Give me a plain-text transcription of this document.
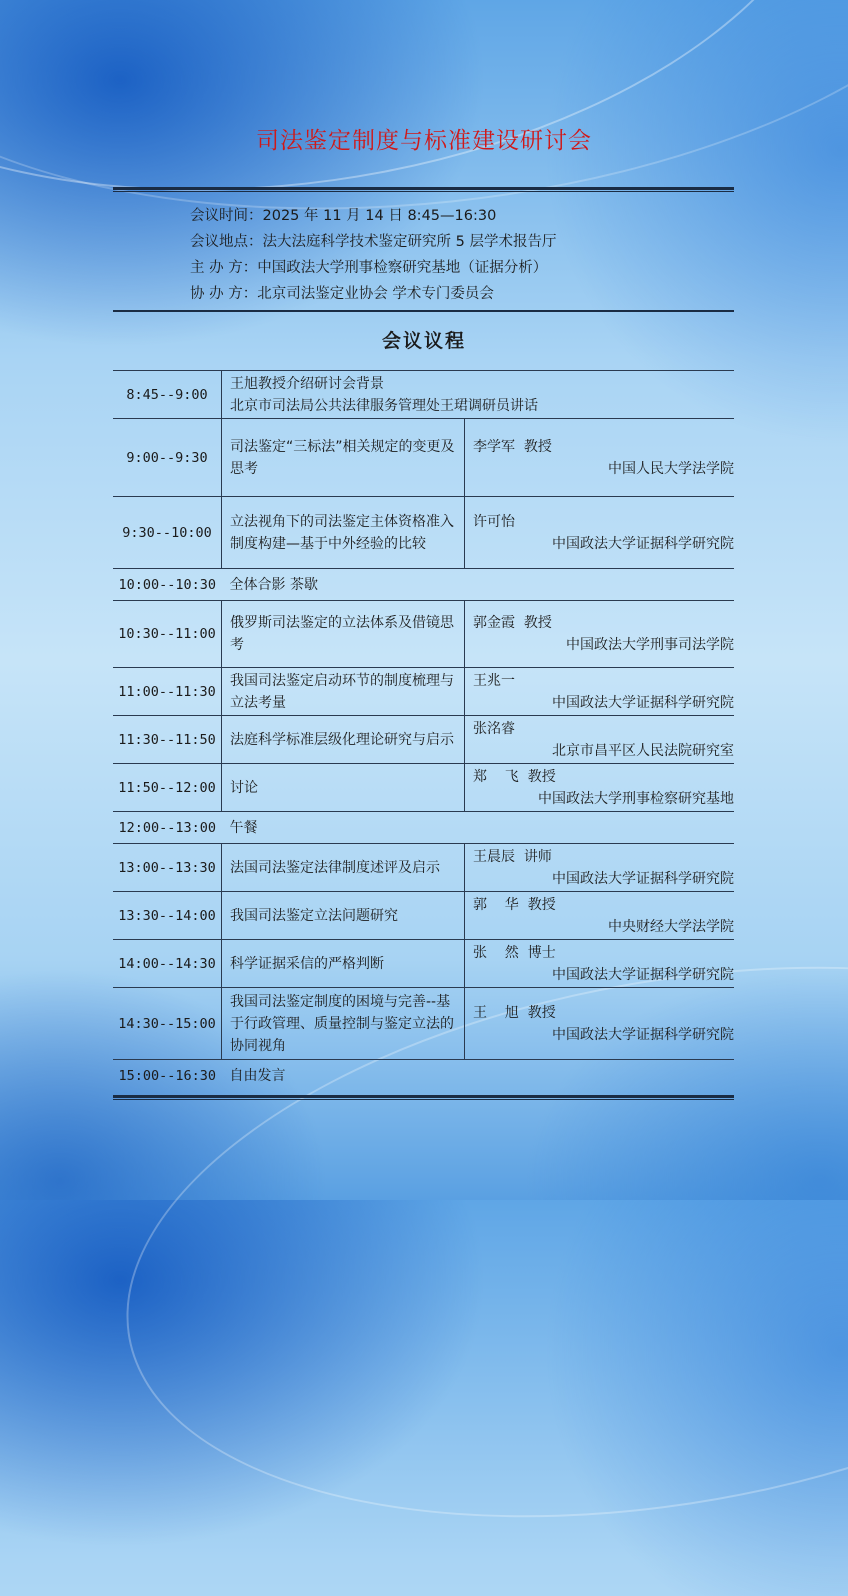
司法鉴定制度与标准建设研讨会
会议时间：2025 年 11 月 14 日 8:45—16:30
会议地点：法大法庭科学技术鉴定研究所 5 层学术报告厅
主 办 方：中国政法大学刑事检察研究基地（证据分析）
协 办 方：北京司法鉴定业协会 学术专门委员会
会议议程
8:45--9:00	王旭教授介绍研讨会背景
北京市司法局公共法律服务管理处王珺调研员讲话	

9:00--9:30	司法鉴定“三标法”相关规定的变更及思考	李学军  教授
中国人民大学法学院

9:30--10:00	立法视角下的司法鉴定主体资格准入制度构建—基于中外经验的比较	许可怡
中国政法大学证据科学研究院

10:00--10:30	全体合影 茶歇	
10:30--11:00	俄罗斯司法鉴定的立法体系及借镜思考	郭金霞  教授
中国政法大学刑事司法学院

11:00--11:30	我国司法鉴定启动环节的制度梳理与立法考量	王兆一
中国政法大学证据科学研究院

11:30--11:50	法庭科学标准层级化理论研究与启示	张洺睿
北京市昌平区人民法院研究室

11:50--12:00	讨论	郑    飞  教授
中国政法大学刑事检察研究基地

12:00--13:00	午餐	
13:00--13:30	法国司法鉴定法律制度述评及启示	王晨辰  讲师
中国政法大学证据科学研究院

13:30--14:00	我国司法鉴定立法问题研究	郭    华  教授
中央财经大学法学院

14:00--14:30	科学证据采信的严格判断	张    然  博士
中国政法大学证据科学研究院

14:30--15:00	我国司法鉴定制度的困境与完善--基于行政管理、质量控制与鉴定立法的协同视角	王    旭  教授
中国政法大学证据科学研究院

15:00--16:30	自由发言	
